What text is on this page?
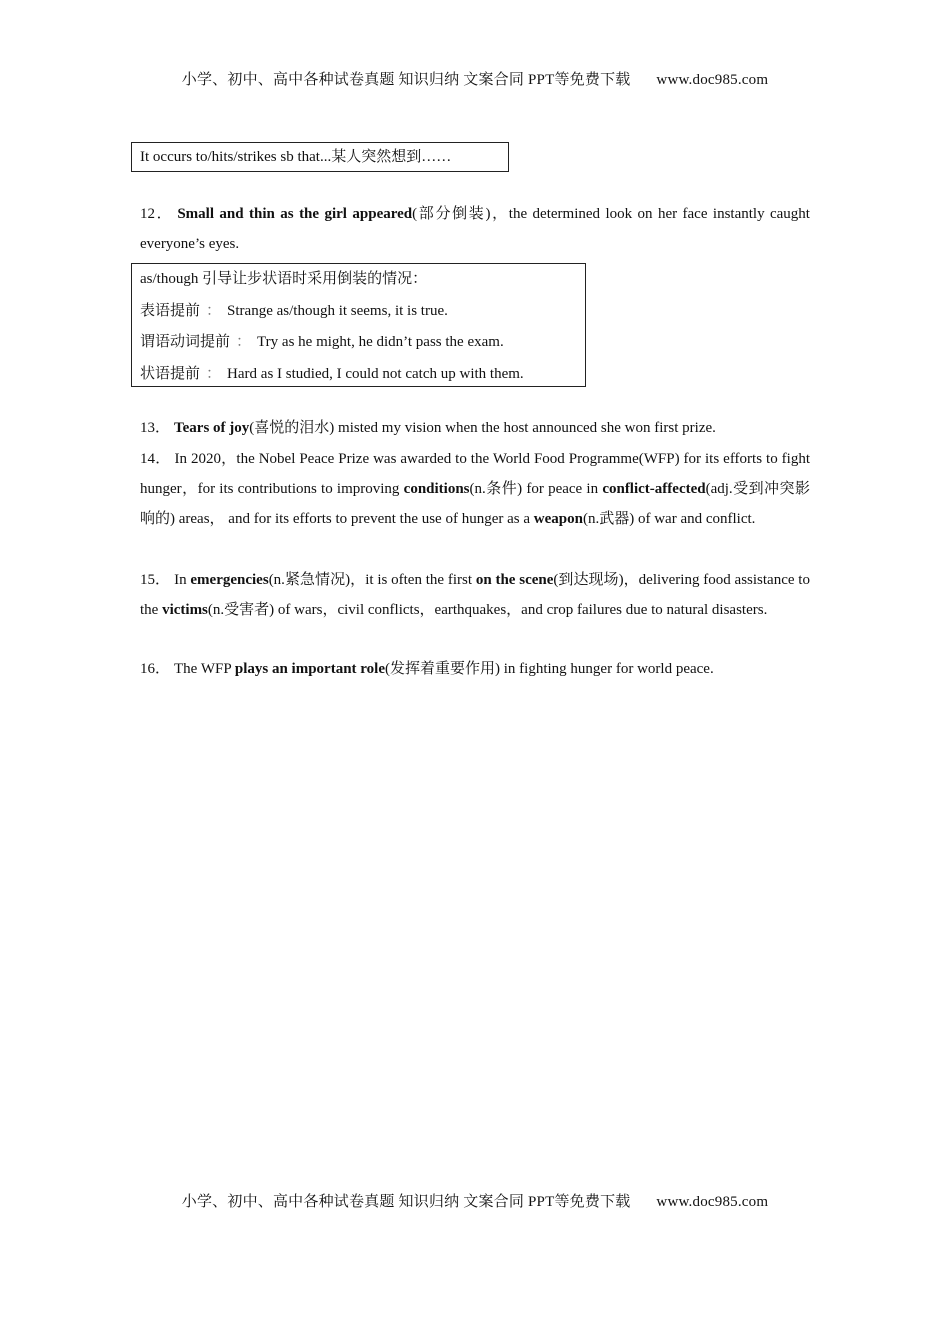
小学、初中、高中各种试卷真题 知识归纳 文案合同 PPT等免费下载 www.doc985.com
It occurs to/hits/strikes sb that...某人突然想到……
12． Small and thin as the girl appeared(部分倒装)，the determined look on her face instantly caught everyone’s eyes.
as/though 引导让步状语时采用倒装的情况：
表语提前 ： Strange as/though it seems, it is true.
谓语动词提前 ： Try as he might, he didn’t pass the exam.
状语提前 ： Hard as I studied, I could not catch up with them.
13． Tears of joy(喜悦的泪水) misted my vision when the host announced she won first prize.
14． In 2020，the Nobel Peace Prize was awarded to the World Food Programme(WFP) for its efforts to fight hunger，for its contributions to improving conditions(n.条件) for peace in conflict-affected(adj.受到冲突影响的) areas， and for its efforts to prevent the use of hunger as a weapon(n.武器) of war and conflict.
15． In emergencies(n.紧急情况)，it is often the first on the scene(到达现场)，delivering food assistance to the victims(n.受害者) of wars，civil conflicts，earthquakes，and crop failures due to natural disasters.
16． The WFP plays an important role(发挥着重要作用) in fighting hunger for world peace.
小学、初中、高中各种试卷真题 知识归纳 文案合同 PPT等免费下载 www.doc985.com
